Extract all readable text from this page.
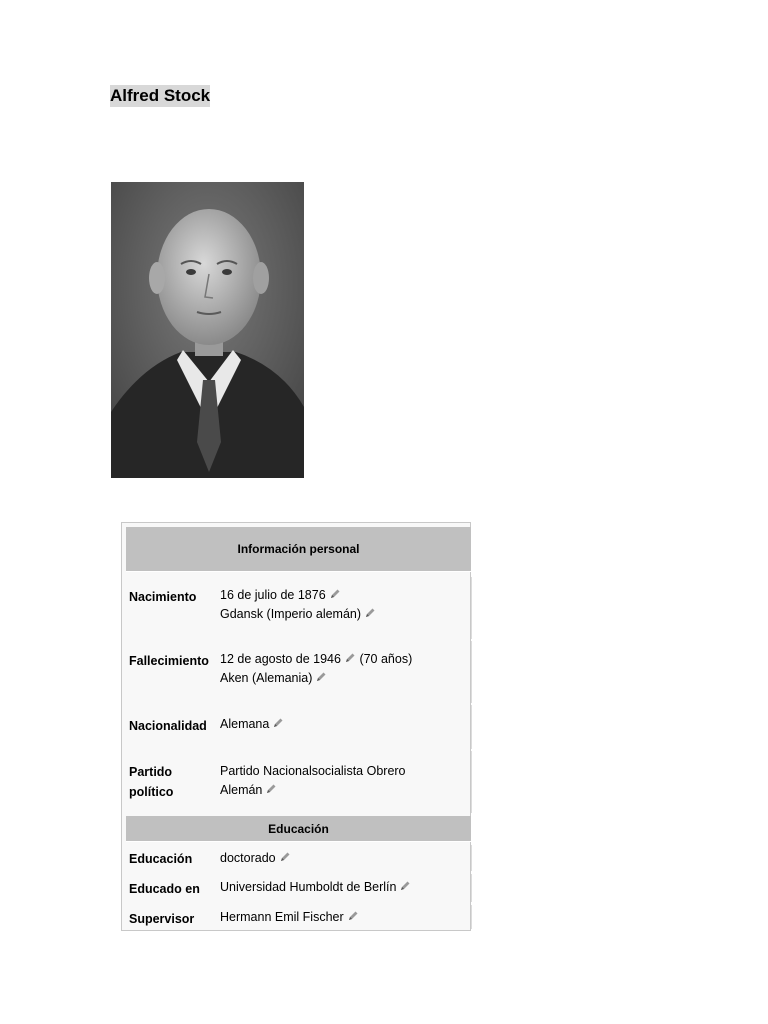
Alfred Stock
Información personal
Nacimiento 16 de julio de 1876
Gdansk (Imperio alemán)
Fallecimiento 12 de agosto de 1946 (70 años)
Aken (Alemania)
Nacionalidad Alemana
Partido
político
Partido Nacionalsocialista Obrero
Alemán
Educación
Educación doctorado
Educado en Universidad Humboldt de Berlín
Supervisor Hermann Emil Fischer
